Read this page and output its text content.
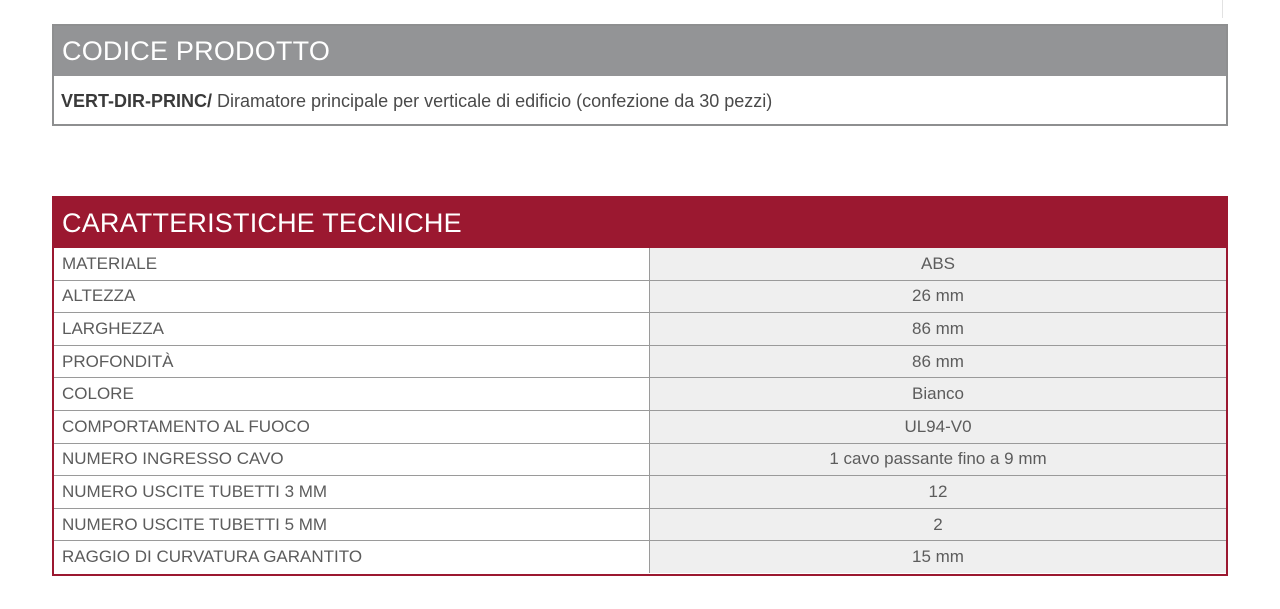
CODICE PRODOTTO
VERT-DIR-PRINC/ Diramatore principale per verticale di edificio (confezione da 30 pezzi)
CARATTERISTICHE TECNICHE
MATERIALE	ABS
ALTEZZA	26 mm
LARGHEZZA	86 mm
PROFONDITÀ	86 mm
COLORE	Bianco
COMPORTAMENTO AL FUOCO	UL94-V0
NUMERO INGRESSO CAVO	1 cavo passante fino a 9 mm
NUMERO USCITE TUBETTI 3 MM	12
NUMERO USCITE TUBETTI 5 MM	2
RAGGIO DI CURVATURA GARANTITO	15 mm
